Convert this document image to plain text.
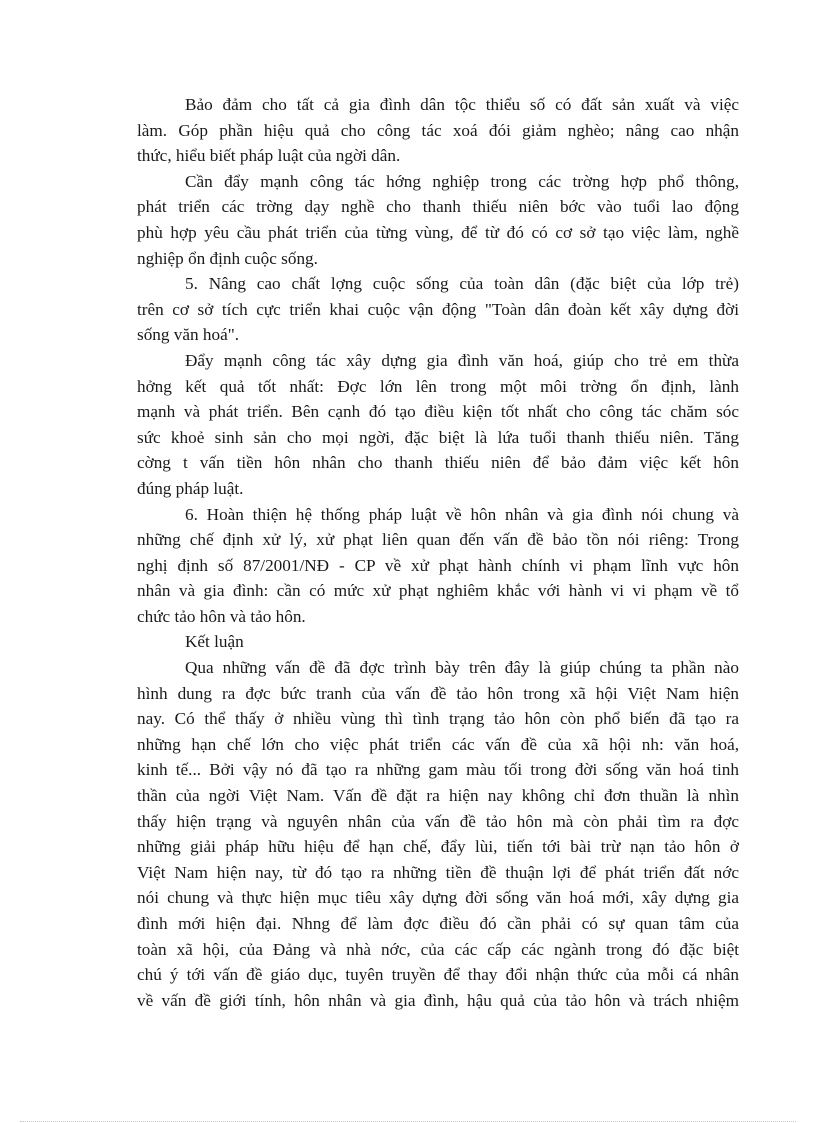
Bảo đảm cho tất cả gia đình dân tộc thiểu số có đất sản xuất và việc
làm. Góp phần hiệu quả cho công tác xoá đói giảm nghèo; nâng cao nhận
thức, hiểu biết pháp luật của ngời dân.
Cần đẩy mạnh công tác hớng nghiệp trong các trờng hợp phổ thông,
phát triển các trờng dạy nghề cho thanh thiếu niên bớc vào tuổi lao động
phù hợp yêu cầu phát triển của từng vùng, để từ đó có cơ sở tạo việc làm, nghề
nghiệp ổn định cuộc sống.
5. Nâng cao chất lợng cuộc sống của toàn dân (đặc biệt của lớp trẻ)
trên cơ sở tích cực triển khai cuộc vận động "Toàn dân đoàn kết xây dựng đời
sống văn hoá".
Đẩy mạnh công tác xây dựng gia đình văn hoá, giúp cho trẻ em thừa
hởng kết quả tốt nhất: Đợc lớn lên trong một môi trờng ổn định, lành
mạnh và phát triển. Bên cạnh đó tạo điều kiện tốt nhất cho công tác chăm sóc
sức khoẻ sinh sản cho mọi ngời, đặc biệt là lứa tuổi thanh thiếu niên. Tăng
cờng t vấn tiền hôn nhân cho thanh thiếu niên để bảo đảm việc kết hôn
đúng pháp luật.
6. Hoàn thiện hệ thống pháp luật về hôn nhân và gia đình nói chung và
những chế định xử lý, xử phạt liên quan đến vấn đề bảo tồn nói riêng: Trong
nghị định số 87/2001/NĐ - CP về xử phạt hành chính vi phạm lĩnh vực hôn
nhân và gia đình: cần có mức xử phạt nghiêm khắc với hành vi vi phạm về tổ
chức tảo hôn và tảo hôn.
Kết luận
Qua những vấn đề đã đợc trình bày trên đây là giúp chúng ta phần nào
hình dung ra đợc bức tranh của vấn đề tảo hôn trong xã hội Việt Nam hiện
nay. Có thể thấy ở nhiều vùng thì tình trạng tảo hôn còn phổ biến đã tạo ra
những hạn chế lớn cho việc phát triển các vấn đề của xã hội nh: văn hoá,
kinh tế... Bởi vậy nó đã tạo ra những gam màu tối trong đời sống văn hoá tinh
thần của ngời Việt Nam. Vấn đề đặt ra hiện nay không chỉ đơn thuần là nhìn
thấy hiện trạng và nguyên nhân của vấn đề tảo hôn mà còn phải tìm ra đợc
những giải pháp hữu hiệu để hạn chế, đẩy lùi, tiến tới bài trừ nạn tảo hôn ở
Việt Nam hiện nay, từ đó tạo ra những tiền đề thuận lợi để phát triển đất nớc
nói chung và thực hiện mục tiêu xây dựng đời sống văn hoá mới, xây dựng gia
đình mới hiện đại. Nhng để làm đợc điều đó cần phải có sự quan tâm của
toàn xã hội, của Đảng và nhà nớc, của các cấp các ngành trong đó đặc biệt
chú ý tới vấn đề giáo dục, tuyên truyền để thay đổi nhận thức của mỗi cá nhân
về vấn đề giới tính, hôn nhân và gia đình, hậu quả của tảo hôn và trách nhiệm
